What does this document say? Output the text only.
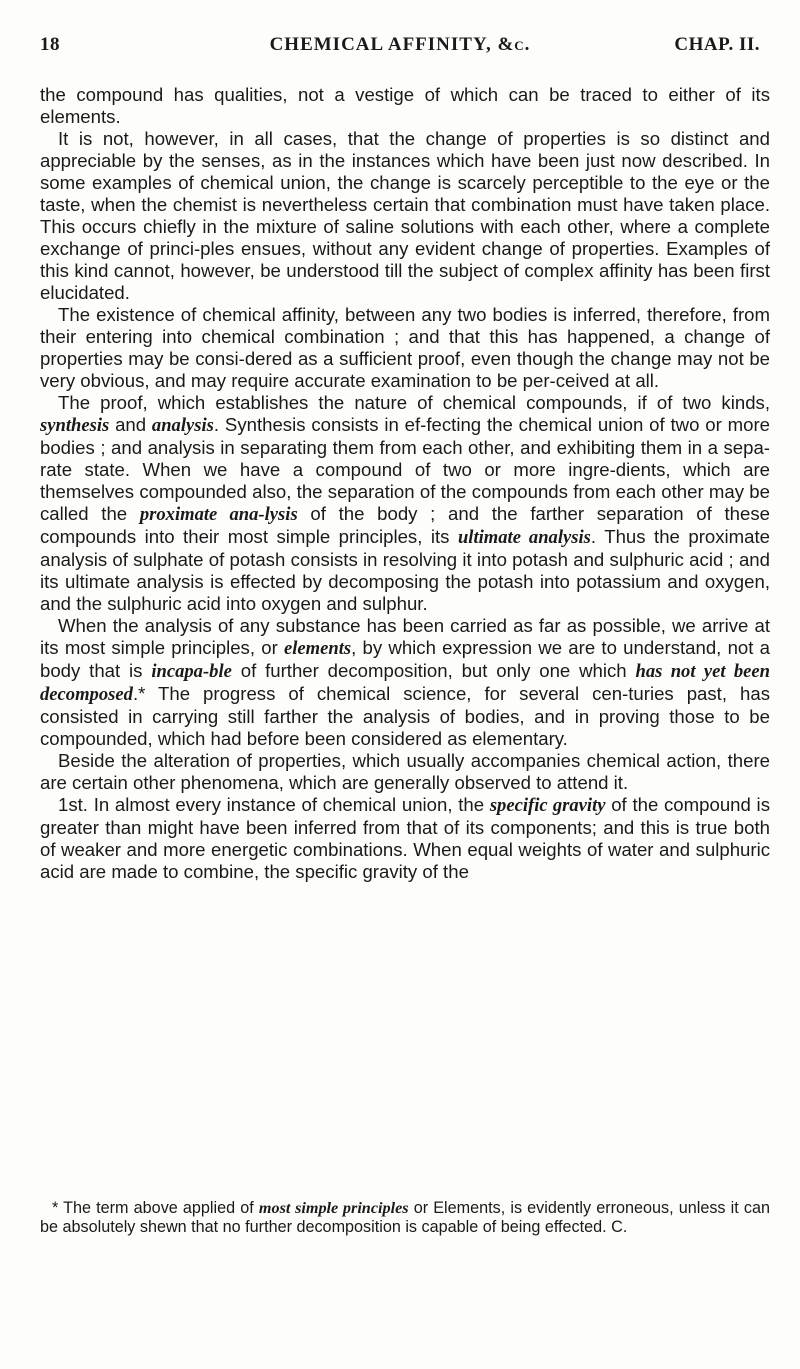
18	CHEMICAL AFFINITY, &c.	CHAP. II.

the compound has qualities, not a vestige of which can be traced to either of its elements.

It is not, however, in all cases, that the change of properties is so distinct and appreciable by the senses, as in the instances which have been just now described. In some examples of chemical union, the change is scarcely perceptible to the eye or the taste, when the chemist is nevertheless certain that combination must have taken place. This occurs chiefly in the mixture of saline solutions with each other, where a complete exchange of princi-ples ensues, without any evident change of properties. Examples of this kind cannot, however, be understood till the subject of complex affinity has been first elucidated.

The existence of chemical affinity, between any two bodies is inferred, therefore, from their entering into chemical combination ; and that this has happened, a change of properties may be consi-dered as a sufficient proof, even though the change may not be very obvious, and may require accurate examination to be per-ceived at all.

The proof, which establishes the nature of chemical compounds, if of two kinds, synthesis and analysis. Synthesis consists in ef-fecting the chemical union of two or more bodies ; and analysis in separating them from each other, and exhibiting them in a sepa-rate state. When we have a compound of two or more ingre-dients, which are themselves compounded also, the separation of the compounds from each other may be called the proximate ana-lysis of the body ; and the farther separation of these compounds into their most simple principles, its ultimate analysis. Thus the proximate analysis of sulphate of potash consists in resolving it into potash and sulphuric acid ; and its ultimate analysis is effected by decomposing the potash into potassium and oxygen, and the sulphuric acid into oxygen and sulphur.

When the analysis of any substance has been carried as far as possible, we arrive at its most simple principles, or elements, by which expression we are to understand, not a body that is incapa-ble of further decomposition, but only one which has not yet been decomposed.* The progress of chemical science, for several cen-turies past, has consisted in carrying still farther the analysis of bodies, and in proving those to be compounded, which had before been considered as elementary.

Beside the alteration of properties, which usually accompanies chemical action, there are certain other phenomena, which are generally observed to attend it.

1st. In almost every instance of chemical union, the specific gravity of the compound is greater than might have been inferred from that of its components; and this is true both of weaker and more energetic combinations. When equal weights of water and sulphuric acid are made to combine, the specific gravity of the

* The term above applied of most simple principles or Elements, is evidently erroneous, unless it can be absolutely shewn that no further decomposition is capable of being effected. C.
